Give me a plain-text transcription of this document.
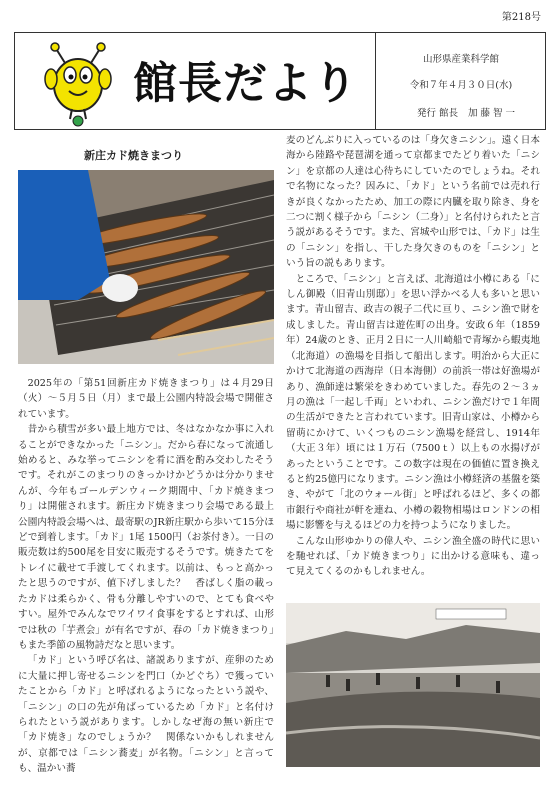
第218号
館長だより	山形県産業科学館
令和７年４月３０日(水)
発行 館長 加 藤 智 一
新庄カド焼きまつり

2025年の「第51回新庄カド焼きまつり」は４月29日（火）～５月５日（月）まで最上公園内特設会場で開催されています。

昔から積雪が多い最上地方では、冬はなかなか事に入れることができなかった「ニシン」。だから春になって流通し始めると、みな挙ってニシンを肴に酒を酌み交わしたそうです。それがこのまつりのきっかけかどうかは分かりませんが、今年もゴールデンウィーク期間中、「カド焼きまつり」は開催されます。新庄カド焼きまつり会場である最上公園内特設会場へは、最寄駅のJR新庄駅から歩いて15分ほどで到着します。「カド」1尾 1500円（お茶付き）。一日の販売数は約500尾を目安に販売するそうです。焼きたてをトレイに載せて手渡してくれます。以前は、もっと高かったと思うのですが、値下げしました？　香ばしく脂の載ったカドは柔らかく、骨も分離しやすいので、とても食べやすい。屋外でみんなでワイワイ食事をするとすれば、山形では秋の「芋煮会」が有名ですが、春の「カド焼きまつり」もまた季節の風物詩だなと思います。

「カド」という呼び名は、諸説ありますが、産卵のために大量に押し寄せるニシンを門口（かどぐち）で獲っていたことから「カド」と呼ばれるようになったという説や、「ニシン」の口の先が角ばっているため「カド」と名付けられたという説があります。しかしなぜ海の無い新庄で「カド焼き」なのでしょうか？　関係ないかもしれませんが、京都では「ニシン蕎麦」が名物。「ニシン」と言っても、温かい蕎

麦のどんぶりに入っているのは「身欠きニシン」。遠く日本海から陸路や琵琶湖を通って京都までたどり着いた「ニシン」を京都の人達は心待ちにしていたのでしょうね。それで名物になった？因みに、「カド」という名前では売れ行きが良くなかったため、加工の際に内臓を取り除き、身を二つに割く様子から「ニシン（二身）」と名付けられたと言う説があるそうです。また、宮城や山形では、「カド」は生の「ニシン」を指し、干した身欠きのものを「ニシン」という旨の説もあります。

ところで、「ニシン」と言えば、北海道は小樽にある「にしん御殿（旧青山別邸）」を思い浮かべる人も多いと思います。青山留吉、政吉の親子二代に亘り、ニシン漁で財を成しました。青山留吉は遊佐町の出身。安政６年（1859年）24歳のとき、正月２日に一人川崎船で青塚から蝦夷地（北海道）の漁場を目指して船出します。明治から大正にかけて北海道の西海岸（日本海側）の前浜一帯は好漁場があり、漁師達は繁栄をきわめていました。春先の２～３ヵ月の漁は「一起し千両」といわれ、ニシン漁だけで１年間の生活ができたと言われています。旧青山家は、小樽から留萌にかけて、いくつものニシン漁場を経営し、1914年（大正３年）頃には１万石（7500ｔ）以上もの水揚げがあったということです。この数字は現在の価値に置き換えると約25億円になります。ニシン漁は小樽経済の基盤を築き、やがて「北のウォール街」と呼ばれるほど、多くの都市銀行や商社が軒を連ね、小樽の穀物相場はロンドンの相場に影響を与えるほどの力を持つようになりました。

こんな山形ゆかりの偉人や、ニシン漁全盛の時代に思いを馳せれば、「カド焼きまつり」に出かける意味も、違って見えてくるのかもしれません。
